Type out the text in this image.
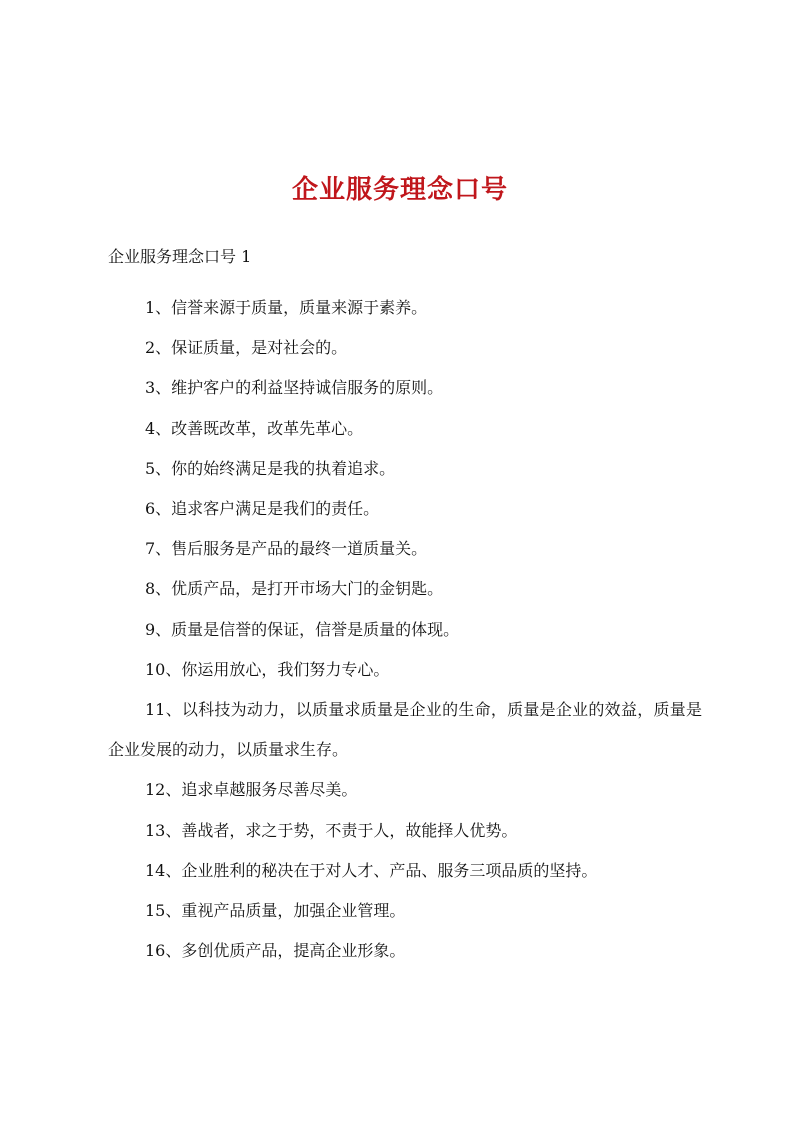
企业服务理念口号
企业服务理念口号 1
1、信誉来源于质量，质量来源于素养。
2、保证质量，是对社会的。
3、维护客户的利益坚持诚信服务的原则。
4、改善既改革，改革先革心。
5、你的始终满足是我的执着追求。
6、追求客户满足是我们的责任。
7、售后服务是产品的最终一道质量关。
8、优质产品，是打开市场大门的金钥匙。
9、质量是信誉的保证，信誉是质量的体现。
10、你运用放心，我们努力专心。
11、以科技为动力，以质量求质量是企业的生命，质量是企业的效益，质量是企业发展的动力，以质量求生存。
12、追求卓越服务尽善尽美。
13、善战者，求之于势，不责于人，故能择人优势。
14、企业胜利的秘决在于对人才、产品、服务三项品质的坚持。
15、重视产品质量，加强企业管理。
16、多创优质产品，提高企业形象。
